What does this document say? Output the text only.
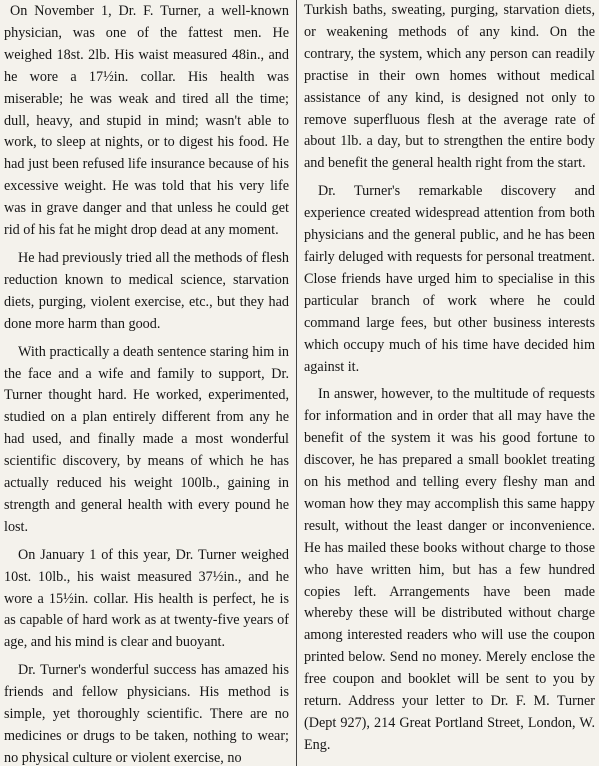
On November 1, Dr. F. Turner, a well-known physician, was one of the fattest men. He weighed 18st. 2lb. His waist measured 48in., and he wore a 17½in. collar. His health was miserable; he was weak and tired all the time; dull, heavy, and stupid in mind; wasn't able to work, to sleep at nights, or to digest his food. He had just been refused life insurance because of his excessive weight. He was told that his very life was in grave danger and that unless he could get rid of his fat he might drop dead at any moment.

He had previously tried all the methods of flesh reduction known to medical science, starvation diets, purging, violent exercise, etc., but they had done more harm than good.

With practically a death sentence staring him in the face and a wife and family to support, Dr. Turner thought hard. He worked, experimented, studied on a plan entirely different from any he had used, and finally made a most wonderful scientific discovery, by means of which he has actually reduced his weight 100lb., gaining in strength and general health with every pound he lost.

On January 1 of this year, Dr. Turner weighed 10st. 10lb., his waist measured 37½in., and he wore a 15½in. collar. His health is perfect, he is as capable of hard work as at twenty-five years of age, and his mind is clear and buoyant.

Dr. Turner's wonderful success has amazed his friends and fellow physicians. His method is simple, yet thoroughly scientific. There are no medicines or drugs to be taken, nothing to wear; no physical culture or violent exercise, no

Turkish baths, sweating, purging, starvation diets, or weakening methods of any kind. On the contrary, the system, which any person can readily practise in their own homes without medical assistance of any kind, is designed not only to remove superfluous flesh at the average rate of about 1lb. a day, but to strengthen the entire body and benefit the general health right from the start.

Dr. Turner's remarkable discovery and experience created widespread attention from both physicians and the general public, and he has been fairly deluged with requests for personal treatment. Close friends have urged him to specialise in this particular branch of work where he could command large fees, but other business interests which occupy much of his time have decided him against it.

In answer, however, to the multitude of requests for information and in order that all may have the benefit of the system it was his good fortune to discover, he has prepared a small booklet treating on his method and telling every fleshy man and woman how they may accomplish this same happy result, without the least danger or inconvenience. He has mailed these books without charge to those who have written him, but has a few hundred copies left. Arrangements have been made whereby these will be distributed without charge among interested readers who will use the coupon printed below. Send no money. Merely enclose the free coupon and booklet will be sent to you by return. Address your letter to Dr. F. M. Turner (Dept 927), 214 Great Portland Street, London, W. Eng.
